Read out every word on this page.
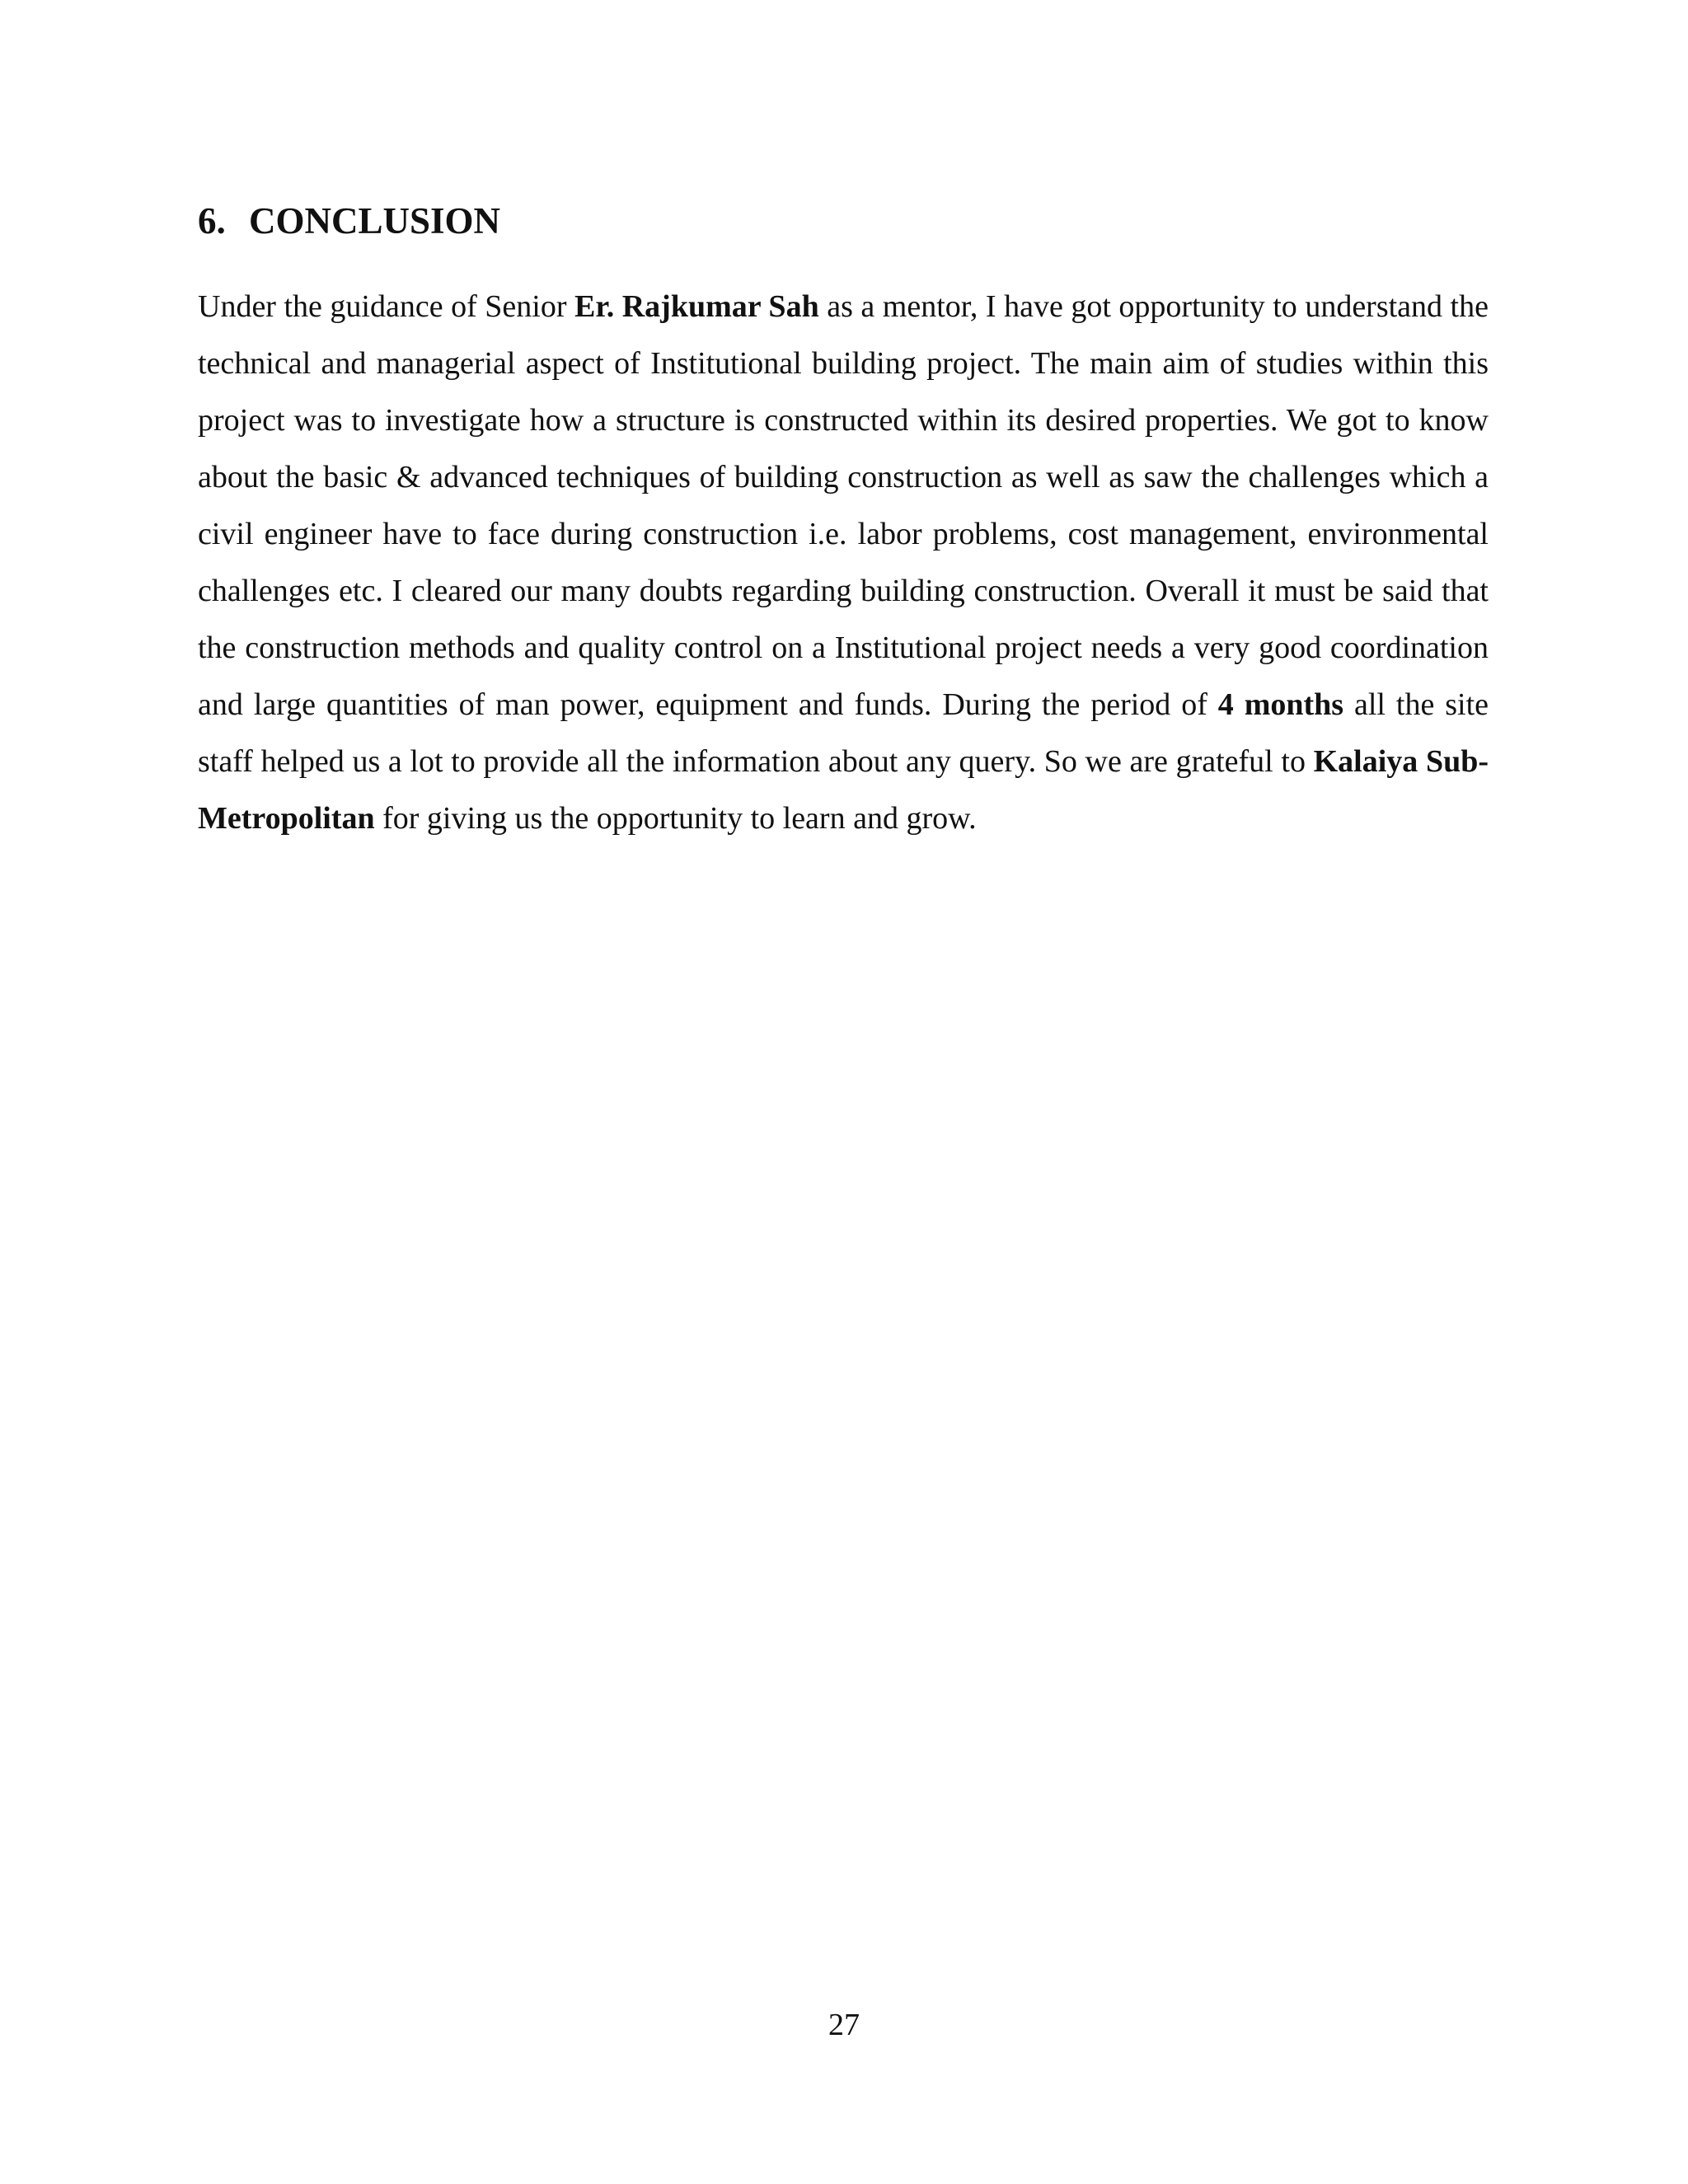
6. CONCLUSION

Under the guidance of Senior Er. Rajkumar Sah as a mentor, I have got opportunity to understand the technical and managerial aspect of Institutional building project. The main aim of studies within this project was to investigate how a structure is constructed within its desired properties. We got to know about the basic & advanced techniques of building construction as well as saw the challenges which a civil engineer have to face during construction i.e. labor problems, cost management, environmental challenges etc. I cleared our many doubts regarding building construction. Overall it must be said that the construction methods and quality control on a Institutional project needs a very good coordination and large quantities of man power, equipment and funds. During the period of 4 months all the site staff helped us a lot to provide all the information about any query. So we are grateful to Kalaiya Sub-Metropolitan for giving us the opportunity to learn and grow.

27
